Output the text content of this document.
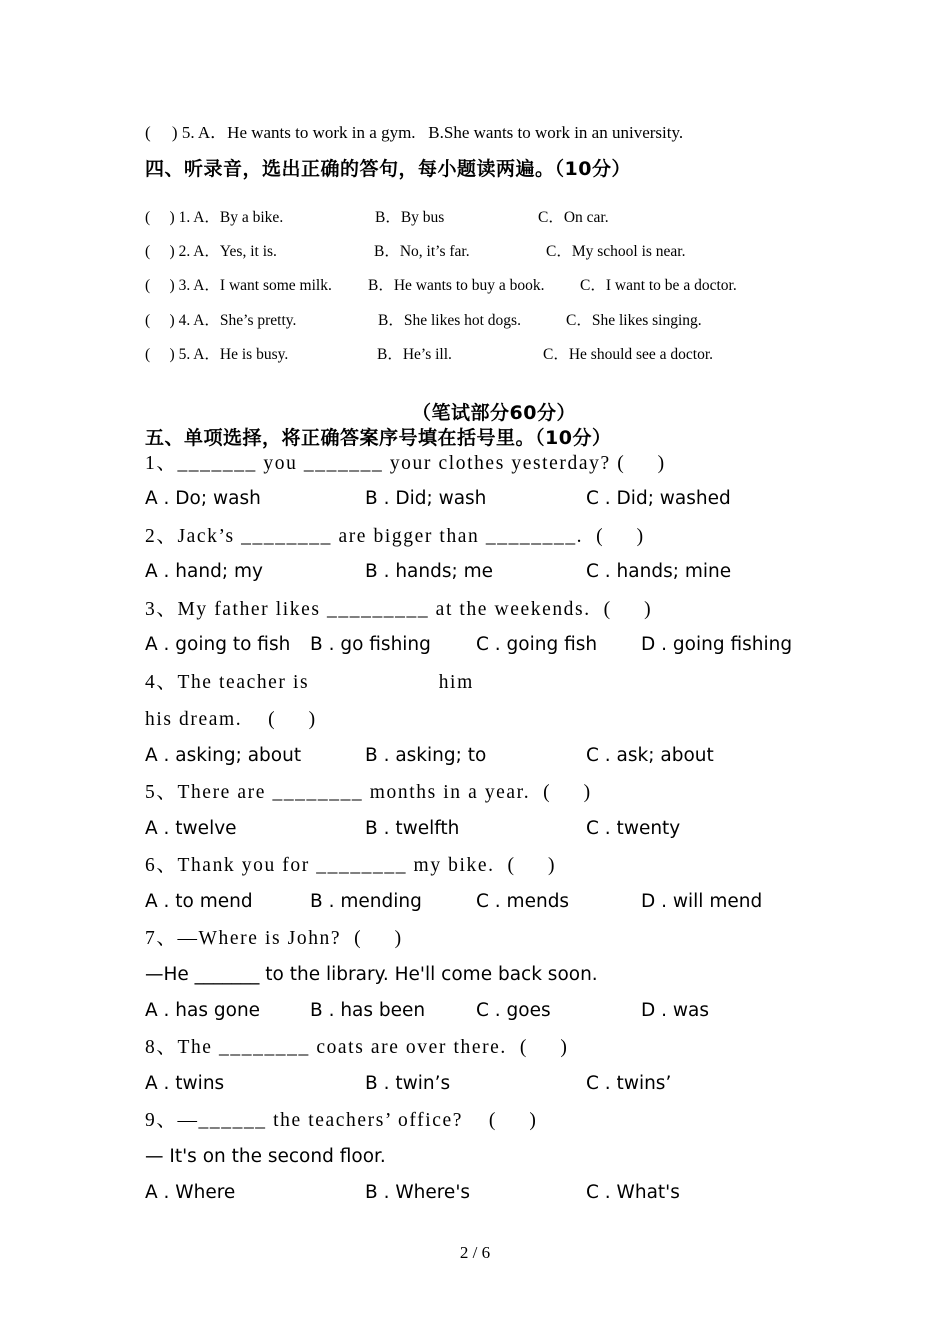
(     ) 5. A．He wants to work in a gym.   B.She wants to work in an university.
四、听录音，选出正确的答句，每小题读两遍。（10分）

(     ) 1. A．By a bike.

	B．By bus

	C．On car.

(     ) 2. A．Yes, it is.

	B．No, it’s far.

	C．My school is near.

(     ) 3. A．I want some milk.

B．He wants to buy a book.

C．I want to be a doctor.

(     ) 4. A．She’s pretty.

	B．She likes hot dogs.

	C．She likes singing.

(     ) 5. A．He is busy.

	B．He’s ill.

	C．He should see a doctor.

（笔试部分60分）
五、单项选择，将正确答案序号填在括号里。（10分）
1、_______ you _______ your clothes yesterday? (     )

A . Do; wash

	B . Did; wash

	C . Did; washed

2、Jack’s ________ are bigger than ________.  (     )

A . hand; my

	B . hands; me

	C . hands; mine

3、My father likes _________ at the weekends.  (     )

A . going to fish

B . go fishing

C . going fish

D . going fishing

4、The teacher is                    him
his dream.    (     )

A . asking; about

	B . asking; to

	C . ask; about

5、There are ________ months in a year.  (     )

A . twelve

	B . twelfth

	C . twenty

6、Thank you for ________ my bike.  (     )

A . to mend

	B . mending

	C . mends

	D . will mend

7、—Where is John?  (     )
—He _______ to the library. He'll come back soon.

A . has gone

	B . has been

	C . goes

	D . was

8、The ________ coats are over there.  (     )

A . twins

	B . twin’s

	C . twins’

9、—______ the teachers’ office?    (     )
— It's on the second floor.

A . Where

	B . Where's

	C . What's

2 / 6
